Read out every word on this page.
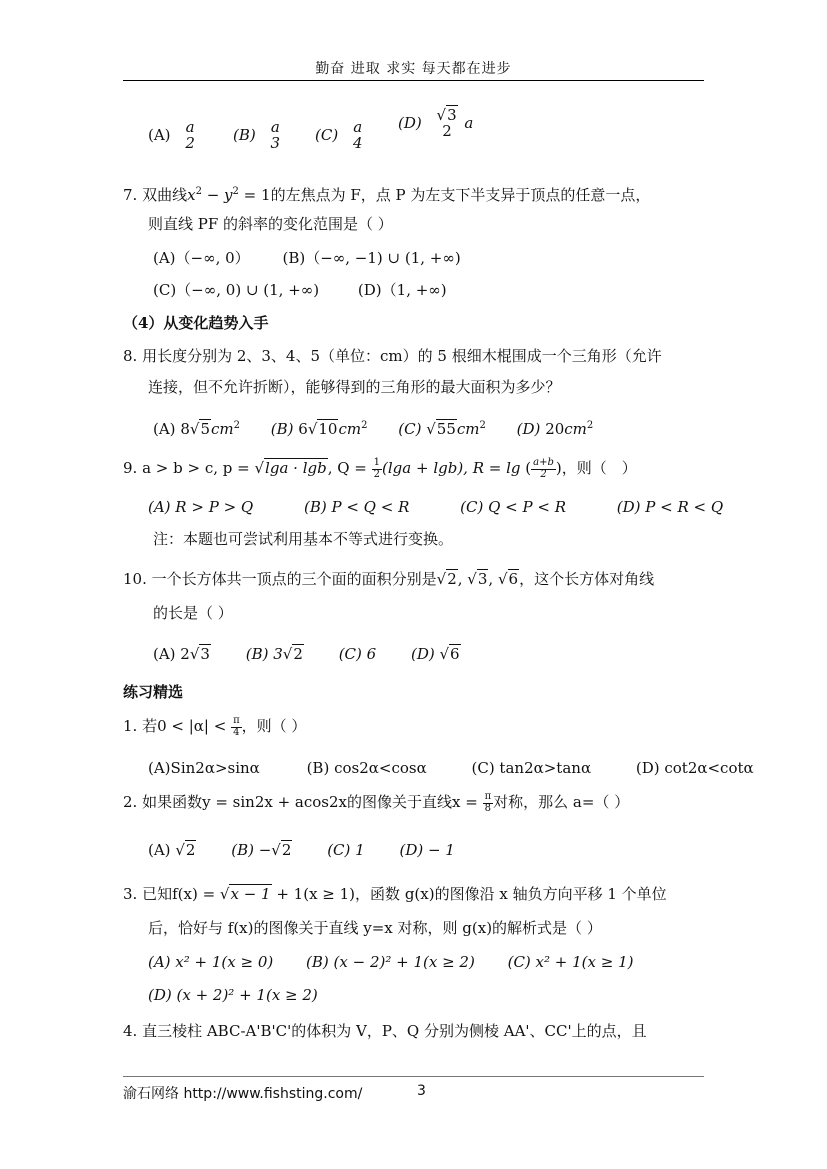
勤奋 进取 求实 每天都在进步
(A) a
2	(B) a
3 (C) a
4
(D) √3
2 a
7. 双曲线$x^2 - y^2 = 1$的左焦点为 F，点 P 为左支下半支异于顶点的任意一点，
则直线 PF 的斜率的变化范围是（ ）
(A)（−∞, 0） (B)（−∞, −1) ∪ (1, +∞)
(C)（−∞, 0) ∪ (1, +∞)	(D)（1, +∞)
（4）从变化趋势入手
8. 用长度分别为 2、3、4、5（单位：cm）的 5 根细木棍围成一个三角形（允许
连接，但不允许折断），能够得到的三角形的最大面积为多少？
(A) $8√5cm^2$ (B) $6√10cm^2$ (C) $√55cm^2$ (D) $20cm^2$
9. a > b > c, p = √lga · lgb, $Q = \frac{1}{2} (\lg a + \lg b)$, R = lg ( $\frac{a+b}{2}$ )，则（　）
(A) R > P > Q	(B) P < Q < R	(C) Q < P < R	(D) P < R < Q
注：本题也可尝试利用基本不等式进行变换。
10. 一个长方体共一顶点的三个面的面积分别是√2, √3, √6，这个长方体对角线
的长是（ ）
(A) 2√3 (B) 3√2 (C) 6 (D) √6
练习精选
1. 若$0 < |\alpha| < \frac{\pi}{4}$ ，则（ ）
(A)Sin2α>sinα	(B) cos2α<cosα	(C) tan2α>tanα	(D) cot2α<cotα
2. 如果函数y = sin2x + acos2x的图像关于直线$x = \frac{\pi}{8}$ 对称，那么 a=（ ）
(A) √2 (B) −√2 (C) 1 (D) − 1
3. 已知f(x) = √x − 1 + 1(x ≥ 1)，函数 g(x)的图像沿 x 轴负方向平移 1 个单位
后，恰好与 f(x)的图像关于直线 y=x 对称，则 g(x)的解析式是（ ）
(A) x² + 1(x ≥ 0) (B) (x − 2)² + 1(x ≥ 2) (C) x² + 1(x ≥ 1)
(D) (x + 2)² + 1(x ≥ 2)
4. 直三棱柱 ABC-A'B'C'的体积为 V，P、Q 分别为侧棱 AA'、CC'上的点，且
渝石网络 http://www.fishsting.com/	3
